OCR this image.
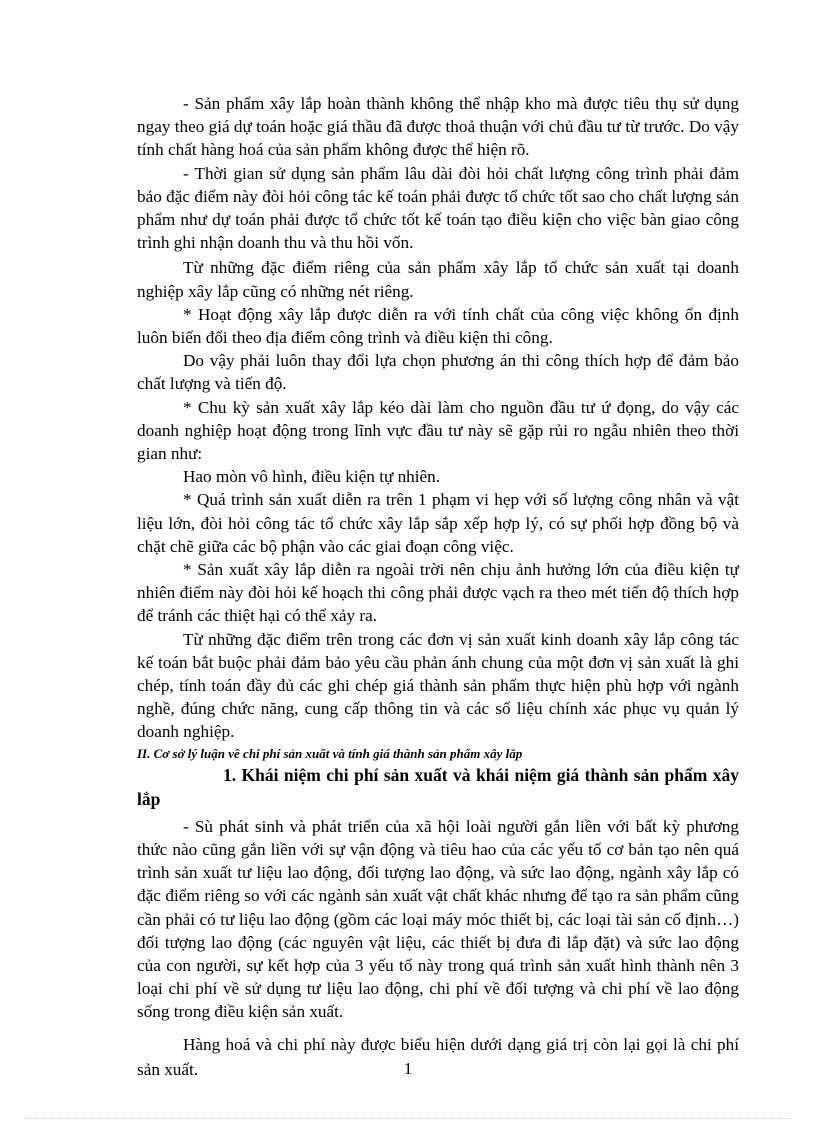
- Sản phẩm xây lắp hoàn thành không thể nhập kho mà được tiêu thụ sử dụng ngay theo giá dự toán hoặc giá thầu đã được thoả thuận với chủ đầu tư từ trước. Do vậy tính chất hàng hoá của sản phẩm không được thể hiện rõ.

- Thời gian sử dụng sản phẩm lâu dài đòi hỏi chất lượng công trình phải đảm bảo đặc điểm này đòi hỏi công tác kế toán phải được tổ chức tốt sao cho chất lượng sản phẩm như dự toán phải được tổ chức tốt kế toán tạo điều kiện cho việc bàn giao công trình ghi nhận doanh thu và thu hồi vốn.

Từ những đặc điểm riêng của sản phẩm xây lắp tổ chức sản xuất tại doanh nghiệp xây lắp cũng có những nét riêng.

* Hoạt động xây lắp được diễn ra với tính chất của công việc không ổn định luôn biến đổi theo địa điểm công trình và điều kiện thi công.

Do vậy phải luôn thay đổi lựa chọn phương án thi công thích hợp để đảm bảo chất lượng và tiến độ.

* Chu kỳ sản xuất xây lắp kéo dài làm cho nguồn đầu tư ứ đọng, do vậy các doanh nghiệp hoạt động trong lĩnh vực đầu tư này sẽ gặp rủi ro ngẫu nhiên theo thời gian như:

Hao mòn vô hình, điều kiện tự nhiên.

* Quá trình sản xuất diễn ra trên 1 phạm vi hẹp với số lượng công nhân và vật liệu lớn, đòi hỏi công tác tổ chức xây lắp sắp xếp hợp lý, có sự phối hợp đồng bộ và chặt chẽ giữa các bộ phận vào các giai đoạn công việc.

* Sản xuất xây lắp diễn ra ngoài trời nên chịu ảnh hưởng lớn của điều kiện tự nhiên điểm này đòi hỏi kế hoạch thi công phải được vạch ra theo mét tiến độ thích hợp để tránh các thiệt hại có thể xảy ra.

Từ những đặc điểm trên trong các đơn vị sản xuất kinh doanh xây lắp công tác kế toán bắt buộc phải đảm bảo yêu cầu phản ánh chung của một đơn vị sản xuất là ghi chép, tính toán đầy đủ các ghi chép giá thành sản phẩm thực hiện phù hợp với ngành nghề, đúng chức năng, cung cấp thông tin và các số liệu chính xác phục vụ quản lý doanh nghiệp.

II. Cơ sở lý luận về chi phí sản xuất và tính giá thành sản phẩm xây lắp

1. Khái niệm chi phí sản xuất và khái niệm giá thành sản phẩm xây lắp

- Sù phát sinh và phát triển của xã hội loài người gắn liền với bất kỳ phương thức nào cũng gắn liền với sự vận động và tiêu hao của các yếu tố cơ bản tạo nên quá trình sản xuất tư liệu lao động, đối tượng lao động, và sức lao động, ngành xây lắp có đặc điểm riêng so với các ngành sản xuất vật chất khác nhưng để tạo ra sản phẩm cũng cần phải có tư liệu lao động (gồm các loại máy móc thiết bị, các loại tài sản cố định…) đối tượng lao động (các nguyên vật liệu, các thiết bị đưa đi lắp đặt) và sức lao động của con người, sự kết hợp của 3 yếu tố này trong quá trình sản xuất hình thành nên 3 loại chi phí về sử dụng tư liệu lao động, chi phí về đối tượng và chi phí về lao động sống trong điều kiện sản xuất.

Hàng hoá và chi phí này được biểu hiện dưới dạng giá trị còn lại gọi là chi phí sản xuất.	1
